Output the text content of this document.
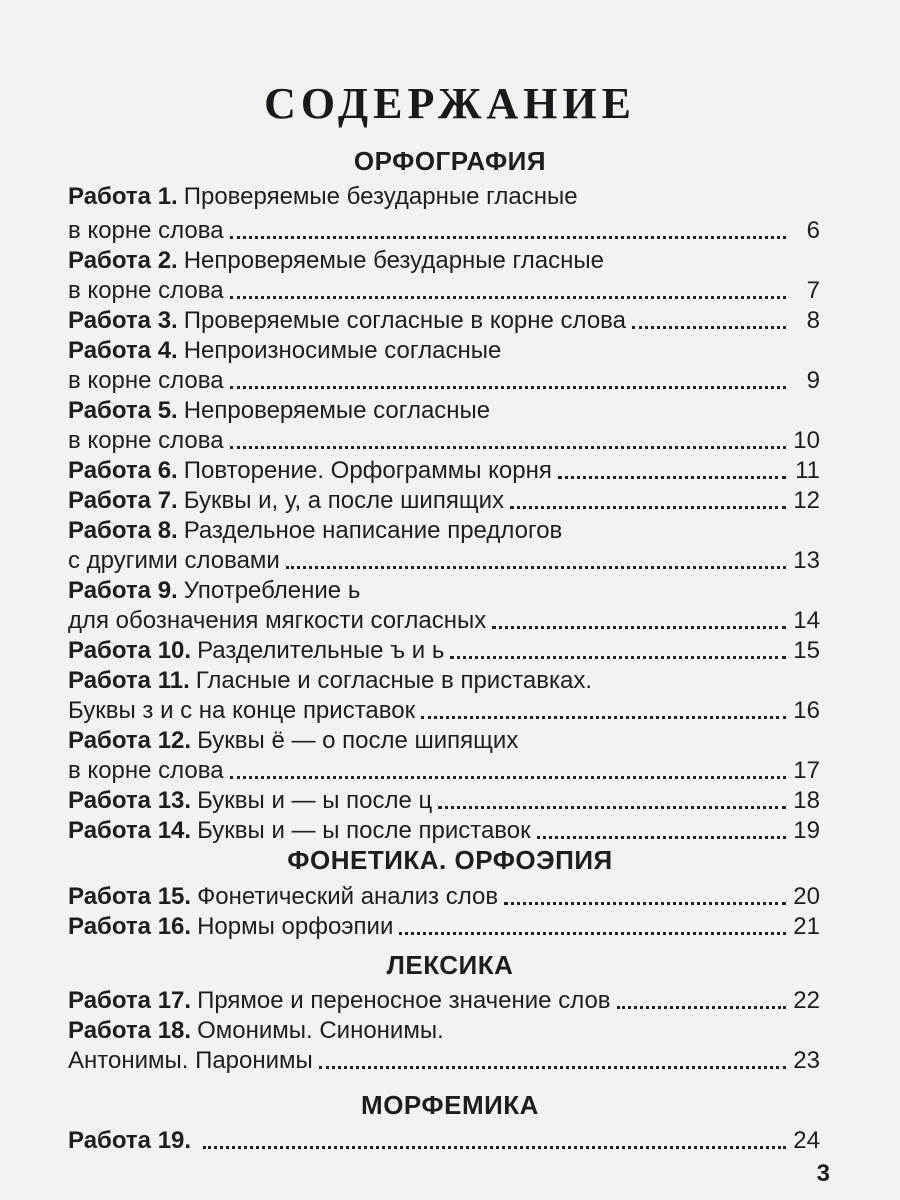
СОДЕРЖАНИЕ
ОРФОГРАФИЯ
Работа 1. Проверяемые безударные гласные
в корне слова	6
Работа 2. Непроверяемые безударные гласные
в корне слова	7
Работа 3. Проверяемые согласные в корне слова	8
Работа 4. Непроизносимые согласные
в корне слова	9
Работа 5. Непроверяемые согласные
в корне слова	10
Работа 6. Повторение. Орфограммы корня	11
Работа 7. Буквы и, у, а после шипящих	12
Работа 8. Раздельное написание предлогов
с другими словами	13
Работа 9. Употребление ь
для обозначения мягкости согласных	14
Работа 10. Разделительные ъ и ь	15
Работа 11. Гласные и согласные в приставках.
Буквы з и с на конце приставок	16
Работа 12. Буквы ё — о после шипящих
в корне слова	17
Работа 13. Буквы и — ы после ц	18
Работа 14. Буквы и — ы после приставок	19
ФОНЕТИКА. ОРФОЭПИЯ
Работа 15. Фонетический анализ слов	20
Работа 16. Нормы орфоэпии	21
ЛЕКСИКА
Работа 17. Прямое и переносное значение слов	22
Работа 18. Омонимы. Синонимы.
Антонимы. Паронимы	23
МОРФЕМИКА
Работа 19.	24
3
